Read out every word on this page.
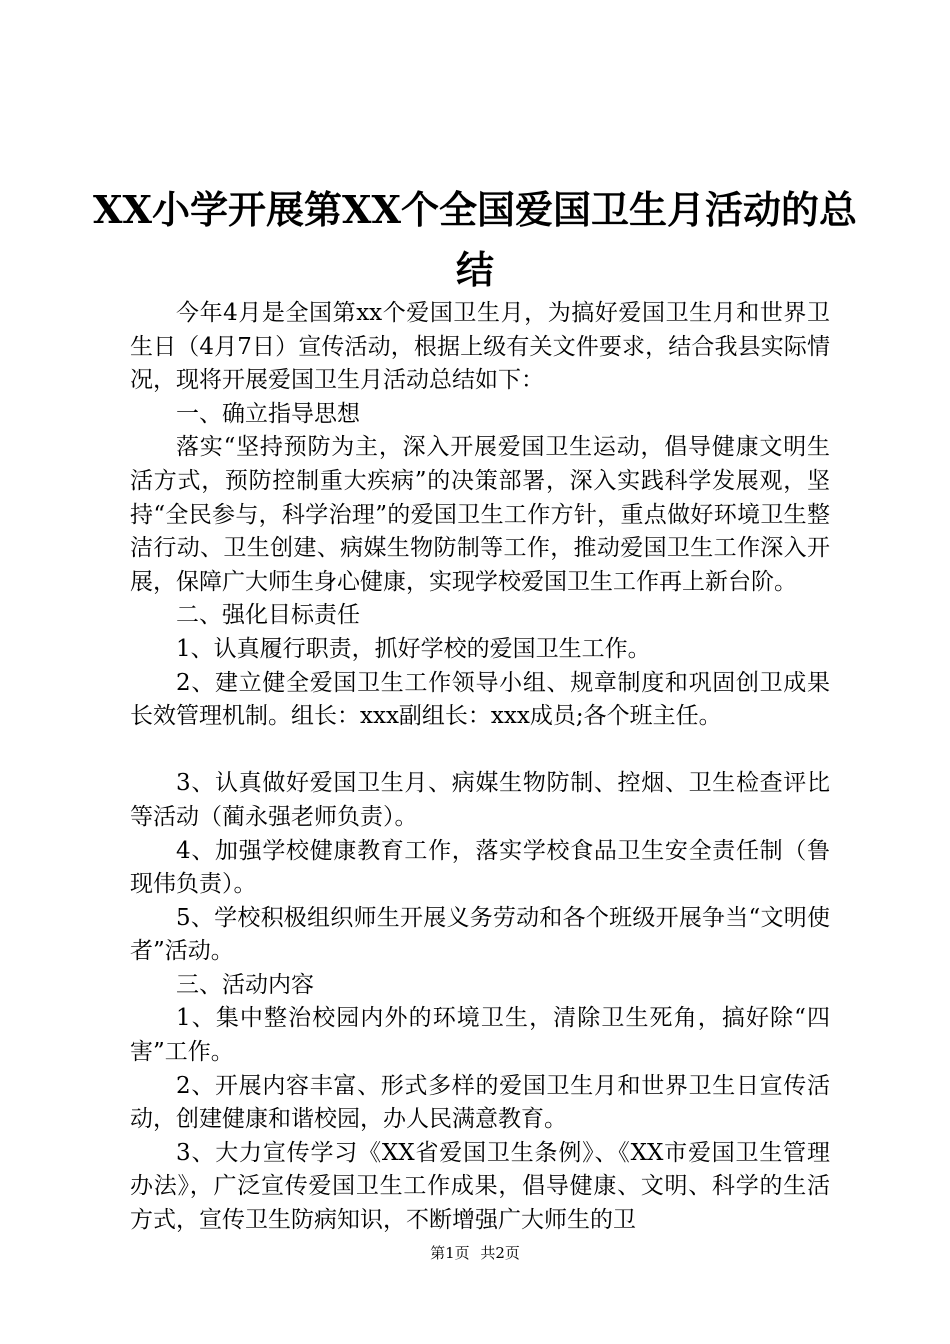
XX小学开展第XX个全国爱国卫生月活动的总
结

今年4月是全国第xx个爱国卫生月，为搞好爱国卫生月和世界卫生日（4月7日）宣传活动，根据上级有关文件要求，结合我县实际情况，现将开展爱国卫生月活动总结如下：

一、确立指导思想

落实“坚持预防为主，深入开展爱国卫生运动，倡导健康文明生活方式，预防控制重大疾病”的决策部署，深入实践科学发展观，坚持“全民参与，科学治理”的爱国卫生工作方针，重点做好环境卫生整洁行动、卫生创建、病媒生物防制等工作，推动爱国卫生工作深入开展，保障广大师生身心健康，实现学校爱国卫生工作再上新台阶。

二、强化目标责任

1、认真履行职责，抓好学校的爱国卫生工作。

2、建立健全爱国卫生工作领导小组、规章制度和巩固创卫成果长效管理机制。组长：xxx副组长：xxx成员;各个班主任。

3、认真做好爱国卫生月、病媒生物防制、控烟、卫生检查评比等活动（蔺永强老师负责）。

4、加强学校健康教育工作，落实学校食品卫生安全责任制（鲁现伟负责）。

5、学校积极组织师生开展义务劳动和各个班级开展争当“文明使者”活动。

三、活动内容

1、集中整治校园内外的环境卫生，清除卫生死角，搞好除“四害”工作。

2、开展内容丰富、形式多样的爱国卫生月和世界卫生日宣传活动，创建健康和谐校园，办人民满意教育。

3、大力宣传学习《XX省爱国卫生条例》、《XX市爱国卫生管理办法》，广泛宣传爱国卫生工作成果，倡导健康、文明、科学的生活方式，宣传卫生防病知识，不断增强广大师生的卫

第1页 共2页
